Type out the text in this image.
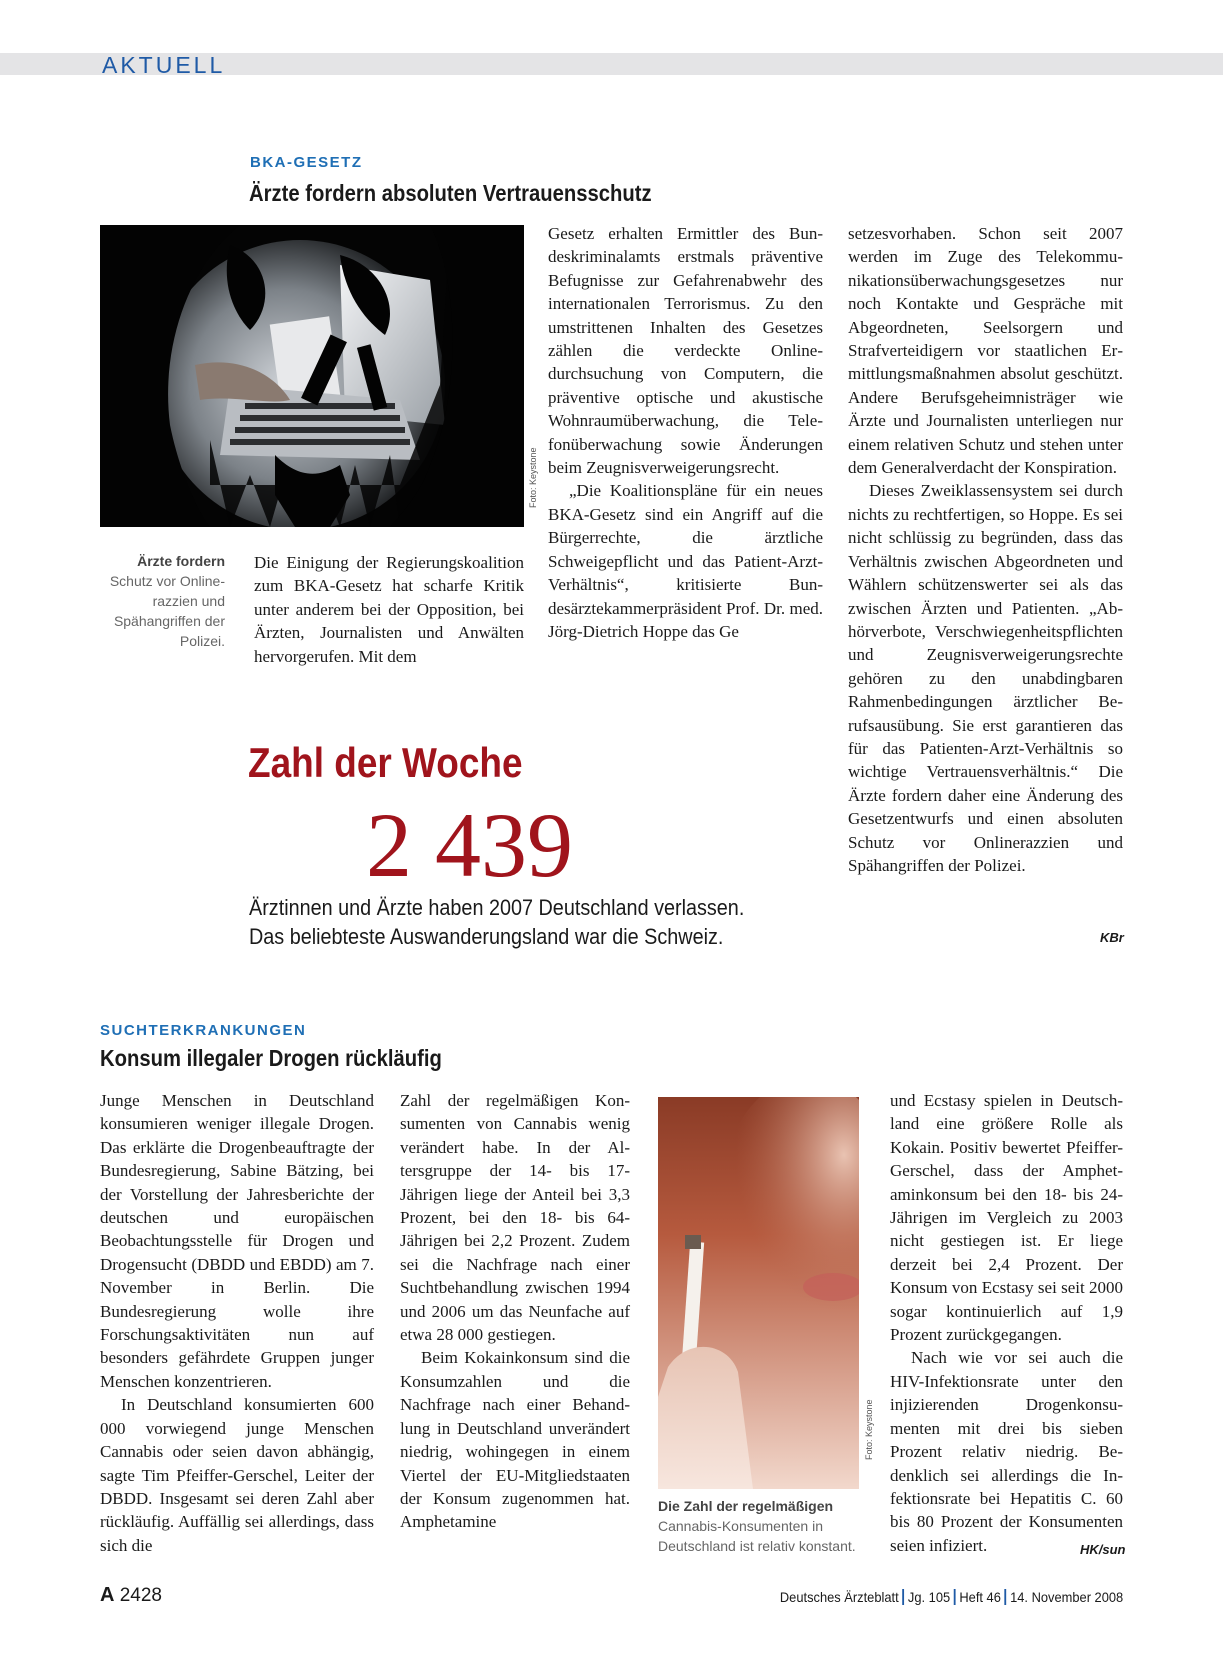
AKTUELL
BKA-GESETZ
Ärzte fordern absoluten Vertrauensschutz
Foto: Keystone
Ärzte fordern
Schutz vor Onlinerazzien und Spähangriffen der Polizei.

Die Einigung der Regierungskoalition zum BKA-Gesetz hat scharfe Kritik unter anderem bei der Opposition, bei Ärzten, Journalisten und Anwälten hervorgerufen. Mit dem

Gesetz erhalten Ermittler des Bundeskriminalamts erstmals präventive Befugnisse zur Gefahrenabwehr des internationalen Terrorismus. Zu den umstrittenen Inhalten des Gesetzes zählen die verdeckte Onlinedurchsuchung von Computern, die präventive optische und akustische Wohnraumüberwachung, die Telefonüberwachung sowie Änderungen beim Zeugnisverweigerungsrecht.

„Die Koalitionspläne für ein neues BKA-Gesetz sind ein Angriff auf die Bürgerrechte, die ärztliche Schweigepflicht und das Patient-Arzt-Verhältnis“, kritisierte Bundesärztekammerpräsident Prof. Dr. med. Jörg-Dietrich Hoppe das Ge

setzesvorhaben. Schon seit 2007 werden im Zuge des Telekommunikationsüberwachungsgesetzes nur noch Kontakte und Gespräche mit Abgeordneten, Seelsorgern und Strafverteidigern vor staatlichen Ermittlungsmaßnahmen absolut geschützt. Andere Berufsgeheimnisträger wie Ärzte und Journalisten unterliegen nur einem relativen Schutz und stehen unter dem Generalverdacht der Konspiration.

Dieses Zweiklassensystem sei durch nichts zu rechtfertigen, so Hoppe. Es sei nicht schlüssig zu begründen, dass das Verhältnis zwischen Abgeordneten und Wählern schützenswerter sei als das zwischen Ärzten und Patienten. „Abhörverbote, Verschwiegenheitspflichten und Zeugnisverweigerungsrechte gehören zu den unabdingbaren Rahmenbedingungen ärztlicher Berufsausübung. Sie erst garantieren das für das Patienten-Arzt-Verhältnis so wichtige Vertrauensverhältnis.“ Die Ärzte fordern daher eine Änderung des Gesetzentwurfs und einen absoluten Schutz vor Onlinerazzien und Spähangriffen der Polizei.

KBr
Zahl der Woche
2 439
Ärztinnen und Ärzte haben 2007 Deutschland verlassen.
Das beliebteste Auswanderungsland war die Schweiz.
SUCHTERKRANKUNGEN
Konsum illegaler Drogen rückläufig

Junge Menschen in Deutschland konsumieren weniger illegale Drogen. Das erklärte die Drogenbeauftragte der Bundesregierung, Sabine Bätzing, bei der Vorstellung der Jahresberichte der deutschen und europäischen Beobachtungsstelle für Drogen und Drogensucht (DBDD und EBDD) am 7. November in Berlin. Die Bundesregierung wolle ihre Forschungsaktivitäten nun auf besonders gefährdete Gruppen junger Menschen konzentrieren.

In Deutschland konsumierten 600 000 vorwiegend junge Menschen Cannabis oder seien davon abhängig, sagte Tim Pfeiffer-Gerschel, Leiter der DBDD. Insgesamt sei deren Zahl aber rückläufig. Auffällig sei allerdings, dass sich die

Zahl der regelmäßigen Konsumenten von Cannabis wenig verändert habe. In der Altersgruppe der 14- bis 17-Jährigen liege der Anteil bei 3,3 Prozent, bei den 18- bis 64-Jährigen bei 2,2 Prozent. Zudem sei die Nachfrage nach einer Suchtbehandlung zwischen 1994 und 2006 um das Neunfache auf etwa 28 000 gestiegen.

Beim Kokainkonsum sind die Konsumzahlen und die Nachfrage nach einer Behandlung in Deutschland unverändert niedrig, wohingegen in einem Viertel der EU-Mitgliedstaaten der Konsum zugenommen hat. Amphetamine

Foto: Keystone
Die Zahl der regelmäßigen
Cannabis-Konsumenten in Deutschland ist relativ konstant.

und Ecstasy spielen in Deutschland eine größere Rolle als Kokain. Positiv bewertet Pfeiffer-Gerschel, dass der Amphetaminkonsum bei den 18- bis 24-Jährigen im Vergleich zu 2003 nicht gestiegen ist. Er liege derzeit bei 2,4 Prozent. Der Konsum von Ecstasy sei seit 2000 sogar kontinuierlich auf 1,9 Prozent zurückgegangen.

Nach wie vor sei auch die HIV-Infektionsrate unter den injizierenden Drogenkonsumenten mit drei bis sieben Prozent relativ niedrig. Bedenklich sei allerdings die Infektionsrate bei Hepatitis C. 60 bis 80 Prozent der Konsumenten seien infiziert.	HK/sun
A 2428	Deutsches Ärzteblatt Jg. 105 Heft 46 14. November 2008
